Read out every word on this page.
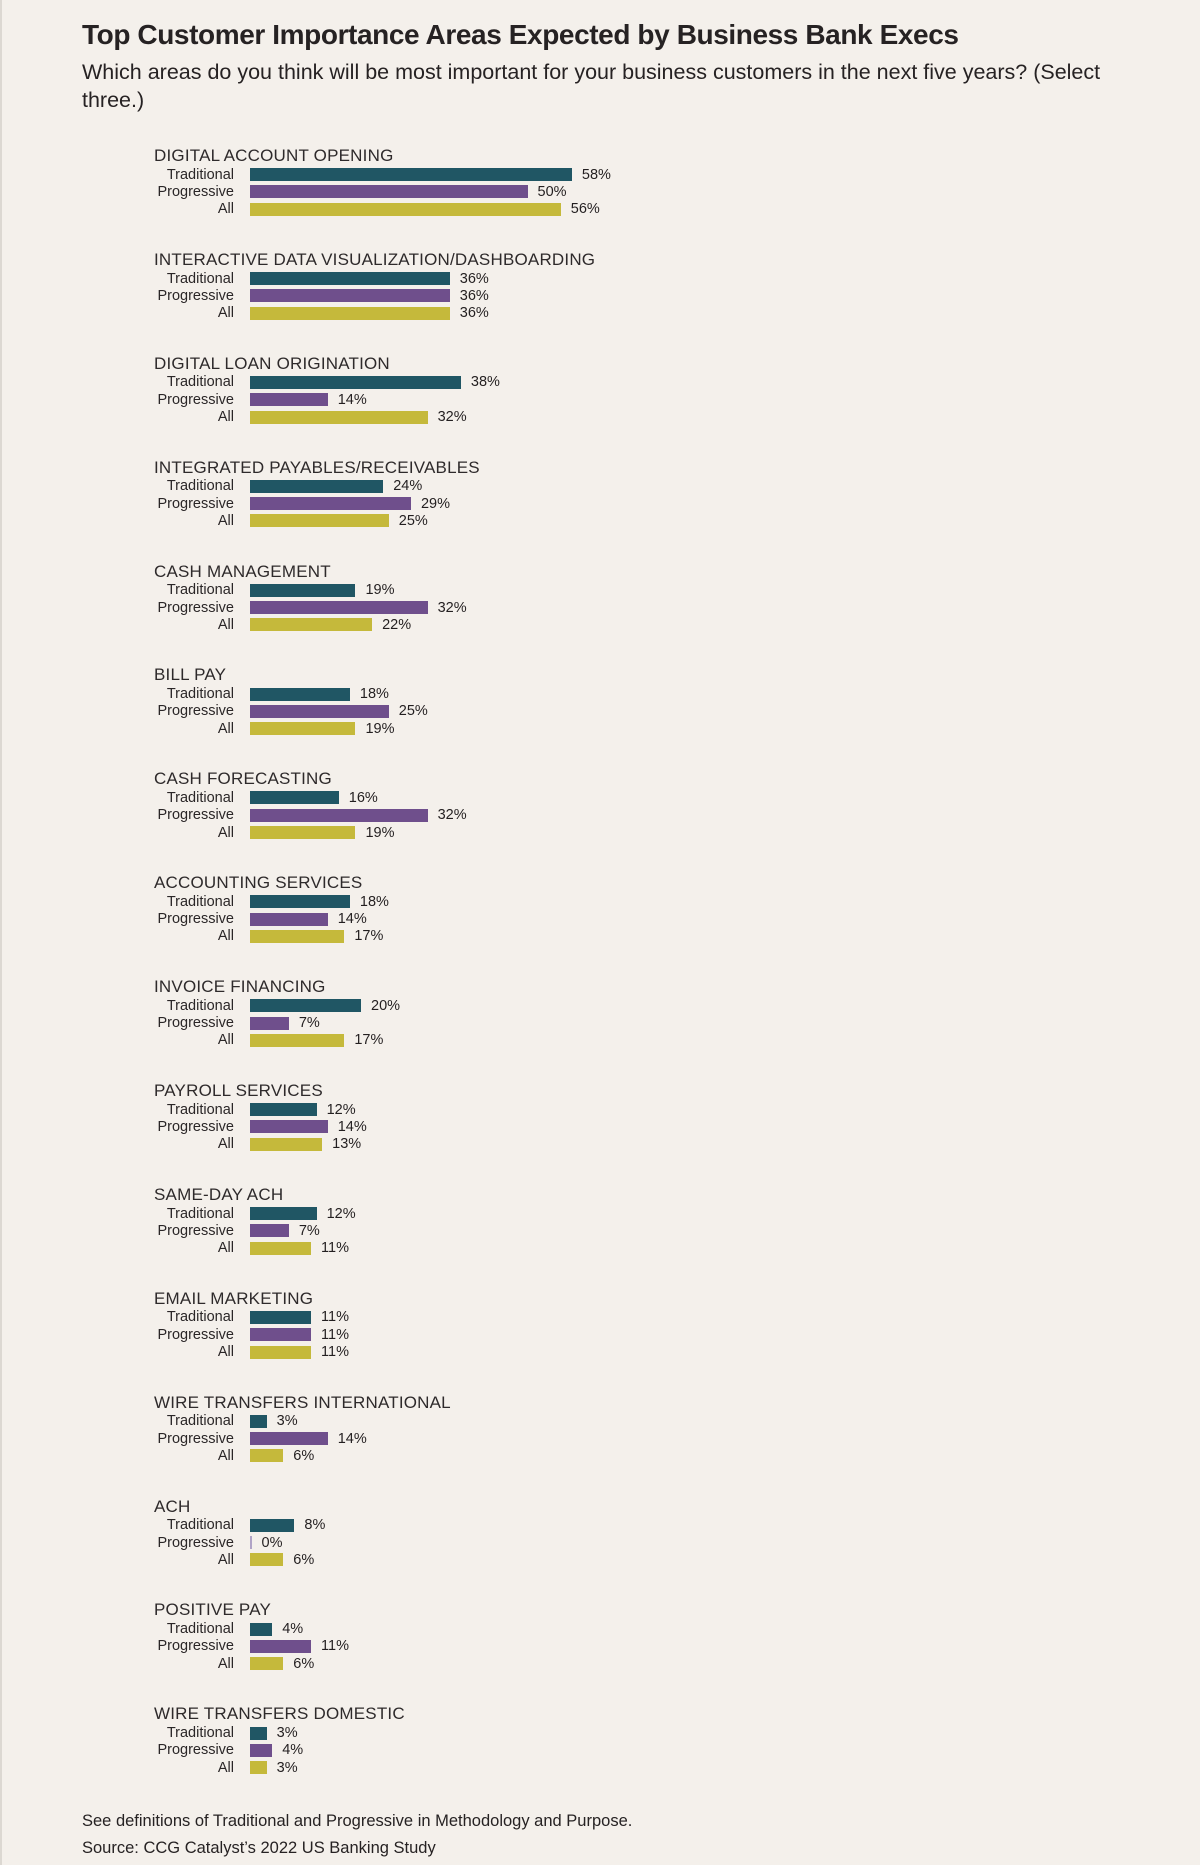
Top Customer Importance Areas Expected by Business Bank Execs
Which areas do you think will be most important for your business customers in the next five years? (Select three.)
DIGITAL ACCOUNT OPENING
Traditional	58%
Progressive	50%
All	56%
INTERACTIVE DATA VISUALIZATION/DASHBOARDING
Traditional	36%
Progressive	36%
All	36%
DIGITAL LOAN ORIGINATION
Traditional	38%
Progressive	14%
All	32%
INTEGRATED PAYABLES/RECEIVABLES
Traditional	24%
Progressive	29%
All	25%
CASH MANAGEMENT
Traditional	19%
Progressive	32%
All	22%
BILL PAY
Traditional	18%
Progressive	25%
All	19%
CASH FORECASTING
Traditional	16%
Progressive	32%
All	19%
ACCOUNTING SERVICES
Traditional	18%
Progressive	14%
All	17%
INVOICE FINANCING
Traditional	20%
Progressive	7%
All	17%
PAYROLL SERVICES
Traditional	12%
Progressive	14%
All	13%
SAME-DAY ACH
Traditional	12%
Progressive	7%
All	11%
EMAIL MARKETING
Traditional	11%
Progressive	11%
All	11%
WIRE TRANSFERS INTERNATIONAL
Traditional	3%
Progressive	14%
All	6%
ACH
Traditional	8%
Progressive	0%
All	6%
POSITIVE PAY
Traditional	4%
Progressive	11%
All	6%
WIRE TRANSFERS DOMESTIC
Traditional	3%
Progressive	4%
All	3%
See definitions of Traditional and Progressive in Methodology and Purpose.
Source: CCG Catalyst’s 2022 US Banking Study
